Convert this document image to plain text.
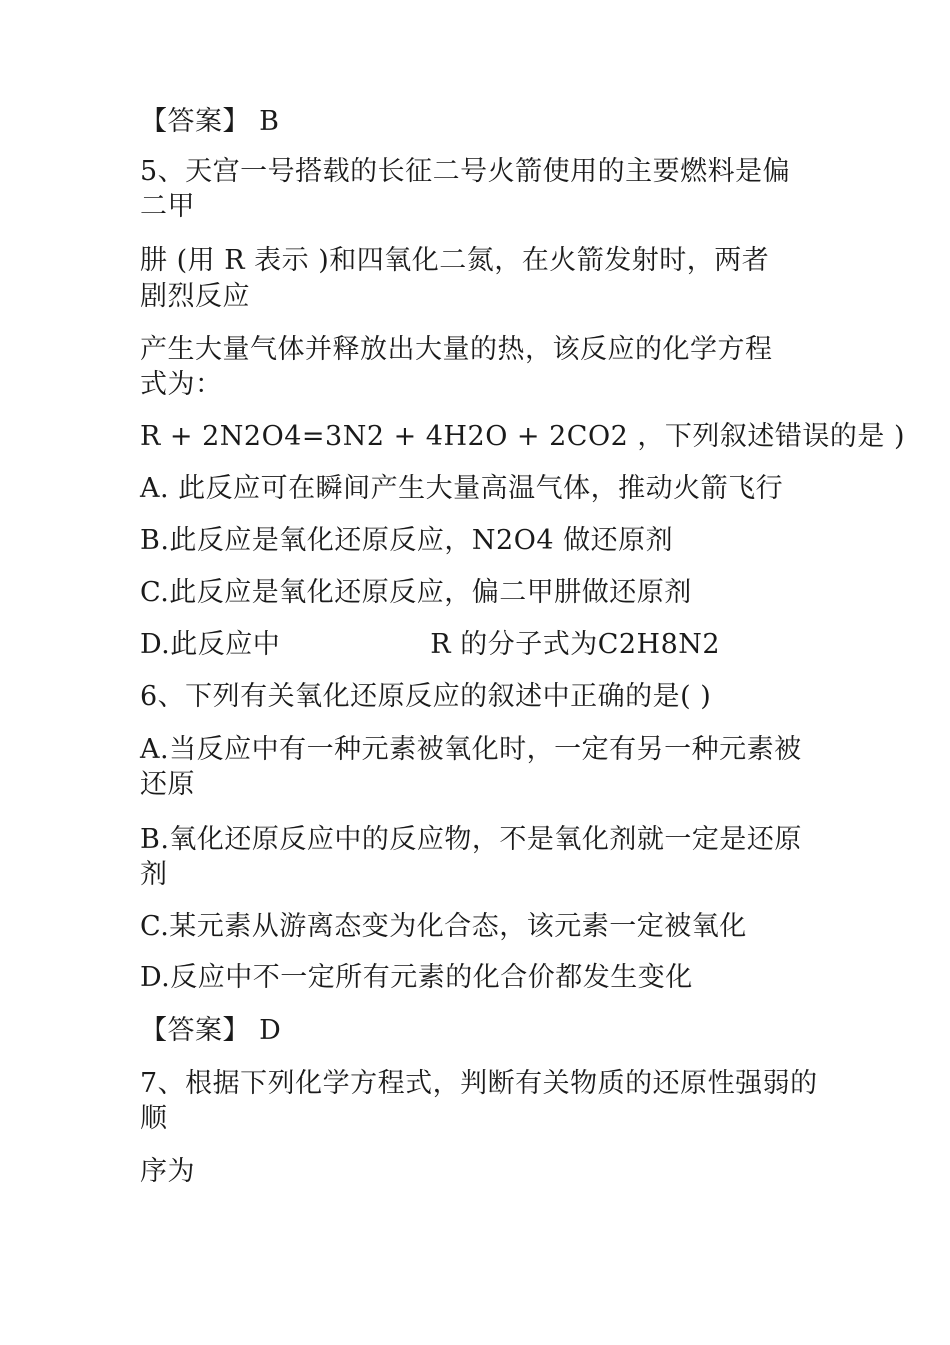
【答案】 B
5、天宫一号搭载的长征二号火箭使用的主要燃料是偏
二甲
肼 (用 R 表示 )和四氧化二氮，在火箭发射时，两者
剧烈反应
产生大量气体并释放出大量的热，该反应的化学方程
式为：
R + 2N2O4=3N2 + 4H2O + 2CO2 ，下列叙述错误的是 )
A. 此反应可在瞬间产生大量高温气体，推动火箭飞行
B.此反应是氧化还原反应，N2O4 做还原剂
C.此反应是氧化还原反应，偏二甲肼做还原剂
D.此反应中	R 的分子式为C2H8N2
6、下列有关氧化还原反应的叙述中正确的是( )
A.当反应中有一种元素被氧化时，一定有另一种元素被
还原
B.氧化还原反应中的反应物，不是氧化剂就一定是还原
剂
C.某元素从游离态变为化合态，该元素一定被氧化
D.反应中不一定所有元素的化合价都发生变化
【答案】 D
7、根据下列化学方程式，判断有关物质的还原性强弱的
顺
序为
